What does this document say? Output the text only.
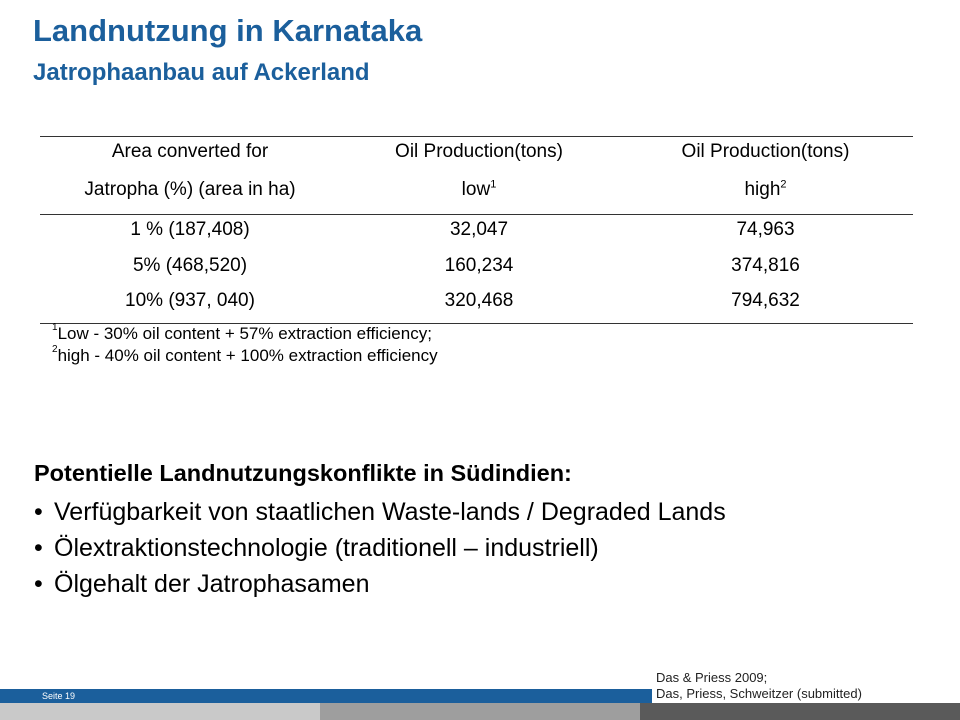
Landnutzung in Karnataka
Jatrophaanbau auf Ackerland
Area converted for	Oil Production(tons)	Oil Production(tons)
Jatropha (%) (area in ha)	low$^1$	high$^2$
1 % (187,408)	32,047	74,963
5% (468,520)	160,234	374,816
10% (937, 040)	320,468	794,632
$^1$Low - 30% oil content + 57% extraction efficiency;
$^2$high - 40% oil content + 100% extraction efficiency
Potentielle Landnutzungskonflikte in Südindien:
• Verfügbarkeit von staatlichen Waste-lands / Degraded Lands
• Ölextraktionstechnologie (traditionell – industriell)
• Ölgehalt der Jatrophasamen
Das & Priess 2009;
Das, Priess, Schweitzer (submitted)
Seite 19
